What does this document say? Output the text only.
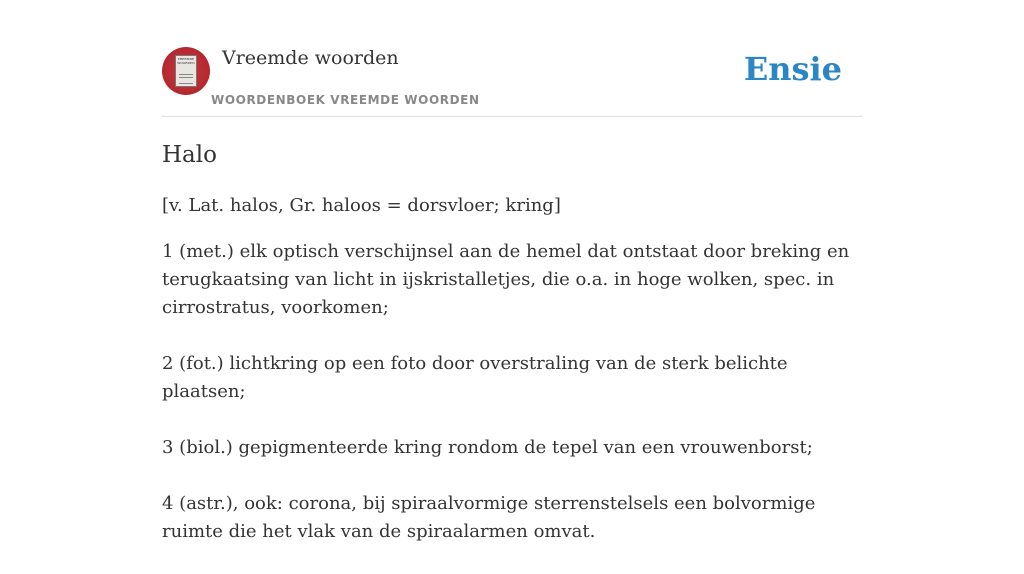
VREEMDE WOORDEN Vreemde woorden
WOORDENBOEK VREEMDE WOORDEN
Ensie
Halo

[v. Lat. halos, Gr. haloos = dorsvloer; kring]

1 (met.) elk optisch verschijnsel aan de hemel dat ontstaat door breking en terugkaatsing van licht in ijskristalletjes, die o.a. in hoge wolken, spec. in cirrostratus, voorkomen;

2 (fot.) lichtkring op een foto door overstraling van de sterk belichte plaatsen;

3 (biol.) gepigmenteerde kring rondom de tepel van een vrouwenborst;

4 (astr.), ook: corona, bij spiraalvormige sterrenstelsels een bolvormige ruimte die het vlak van de spiraalarmen omvat.
